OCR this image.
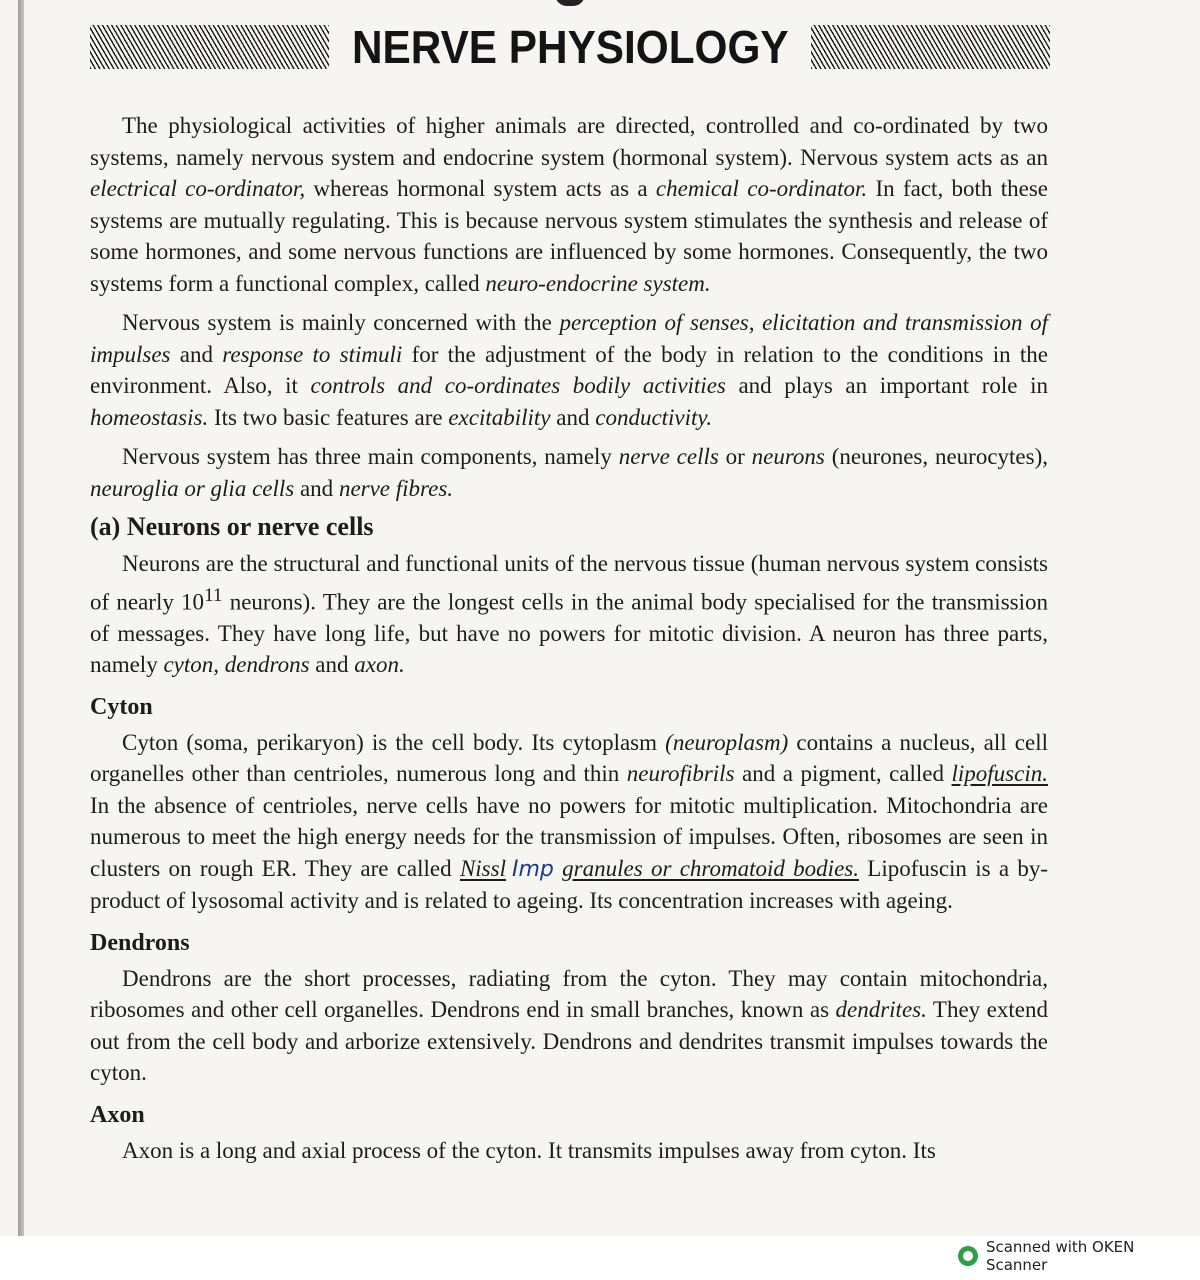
NERVE PHYSIOLOGY

The physiological activities of higher animals are directed, controlled and co-ordinated by two systems, namely nervous system and endocrine system (hormonal system). Nervous system acts as an electrical co-ordinator, whereas hormonal system acts as a chemical co-ordinator. In fact, both these systems are mutually regulating. This is because nervous system stimulates the synthesis and release of some hormones, and some nervous functions are influenced by some hormones. Consequently, the two systems form a functional complex, called neuro-endocrine system.

Nervous system is mainly concerned with the perception of senses, elicitation and transmission of impulses and response to stimuli for the adjustment of the body in relation to the conditions in the environment. Also, it controls and co-ordinates bodily activities and plays an important role in homeostasis. Its two basic features are excitability and conductivity.

Nervous system has three main components, namely nerve cells or neurons (neurones, neurocytes), neuroglia or glia cells and nerve fibres.

(a) Neurons or nerve cells

Neurons are the structural and functional units of the nervous tissue (human nervous system consists of nearly $10^{11}$ neurons). They are the longest cells in the animal body specialised for the transmission of messages. They have long life, but have no powers for mitotic division. A neuron has three parts, namely cyton, dendrons and axon.

Cyton

Cyton (soma, perikaryon) is the cell body. Its cytoplasm (neuroplasm) contains a nucleus, all cell organelles other than centrioles, numerous long and thin neurofibrils and a pigment, called lipofuscin. In the absence of centrioles, nerve cells have no powers for mitotic multiplication. Mitochondria are numerous to meet the high energy needs for the transmission of impulses. Often, ribosomes are seen in clusters on rough ER. They are called Nissl Imp granules or chromatoid bodies. Lipofuscin is a by-product of lysosomal activity and is related to ageing. Its concentration increases with ageing.

Dendrons

Dendrons are the short processes, radiating from the cyton. They may contain mitochondria, ribosomes and other cell organelles. Dendrons end in small branches, known as dendrites. They extend out from the cell body and arborize extensively. Dendrons and dendrites transmit impulses towards the cyton.

Axon

Axon is a long and axial process of the cyton. It transmits impulses away from cyton. Its

Scanned with OKEN Scanner
